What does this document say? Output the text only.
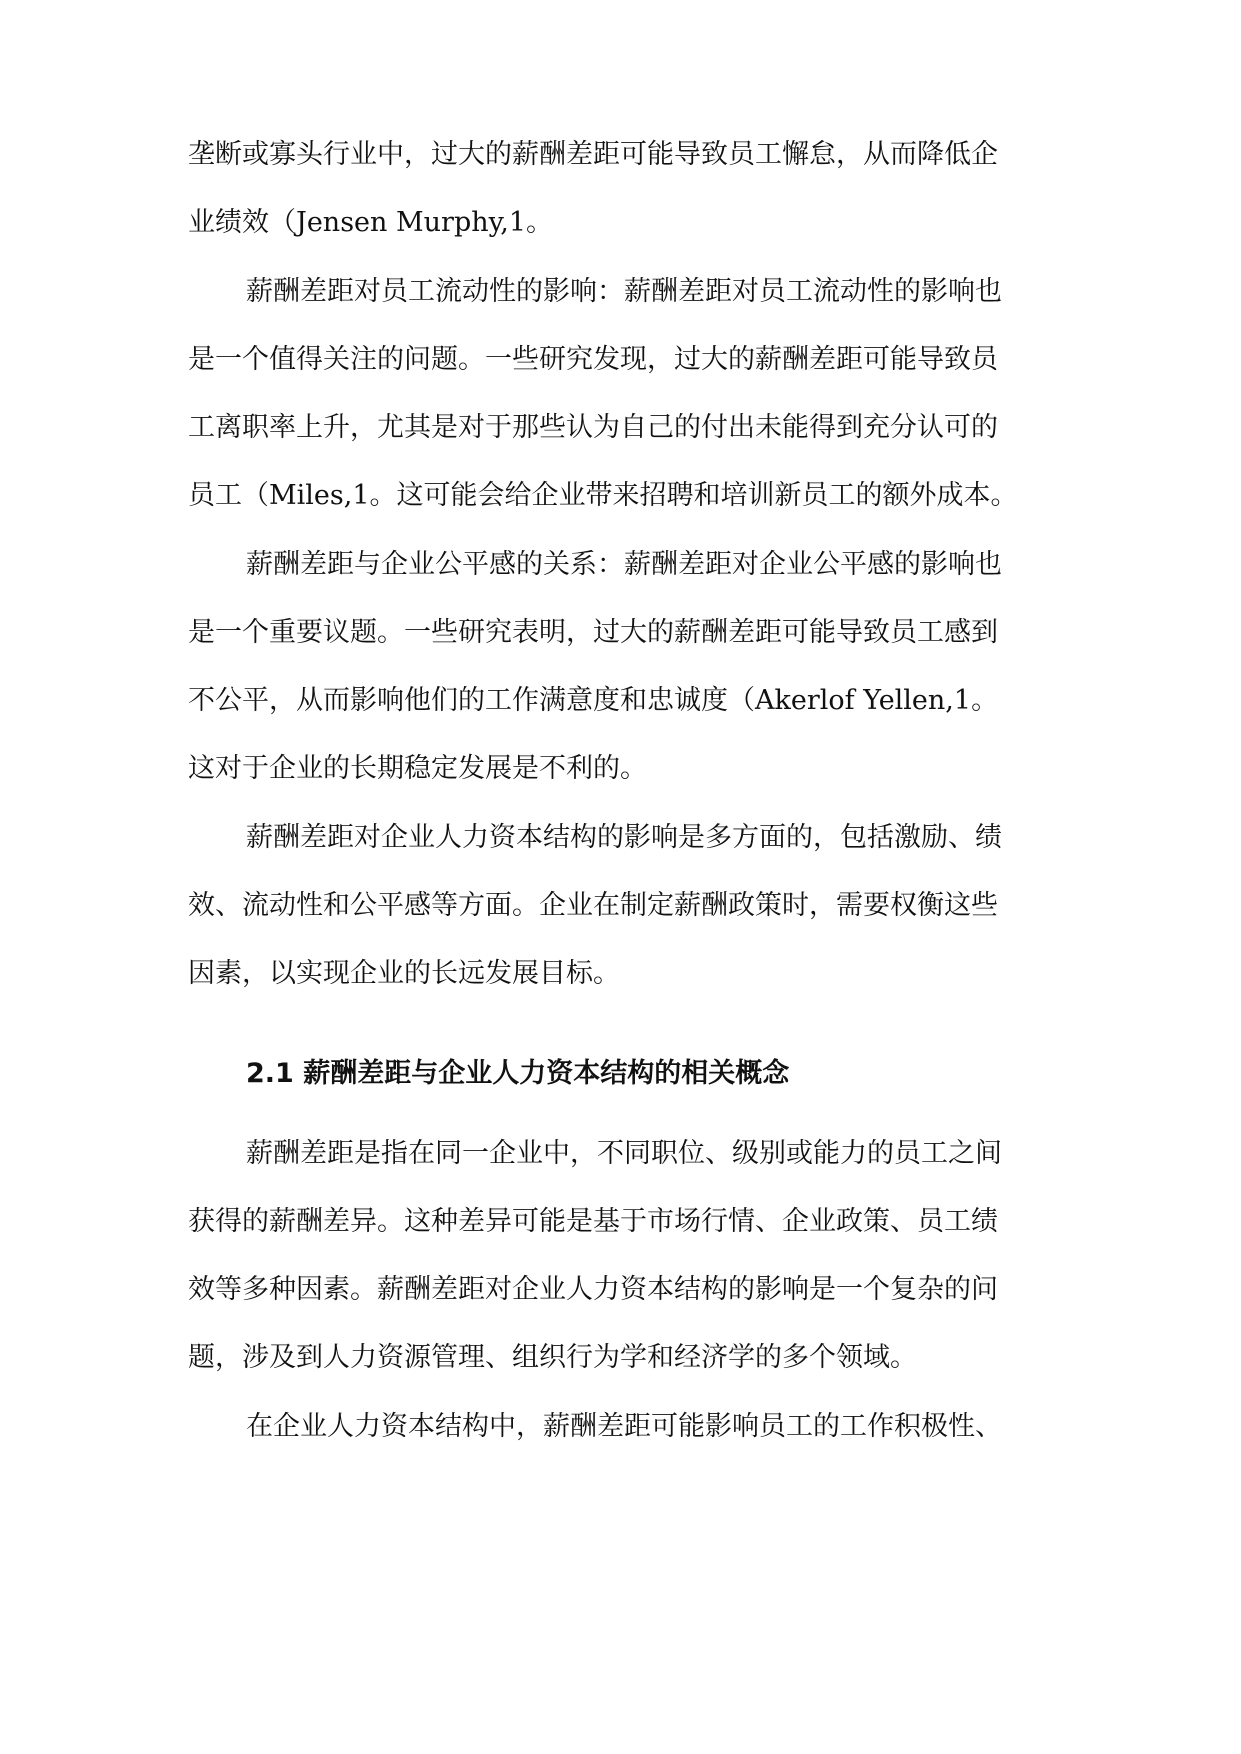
垄断或寡头行业中，过大的薪酬差距可能导致员工懈怠，从而降低企
业绩效（Jensen Murphy,1。
薪酬差距对员工流动性的影响：薪酬差距对员工流动性的影响也
是一个值得关注的问题。一些研究发现，过大的薪酬差距可能导致员
工离职率上升，尤其是对于那些认为自己的付出未能得到充分认可的
员工（Miles,1。这可能会给企业带来招聘和培训新员工的额外成本。
薪酬差距与企业公平感的关系：薪酬差距对企业公平感的影响也
是一个重要议题。一些研究表明，过大的薪酬差距可能导致员工感到
不公平，从而影响他们的工作满意度和忠诚度（Akerlof Yellen,1。
这对于企业的长期稳定发展是不利的。
薪酬差距对企业人力资本结构的影响是多方面的，包括激励、绩
效、流动性和公平感等方面。企业在制定薪酬政策时，需要权衡这些
因素，以实现企业的长远发展目标。
2.1 薪酬差距与企业人力资本结构的相关概念
薪酬差距是指在同一企业中，不同职位、级别或能力的员工之间
获得的薪酬差异。这种差异可能是基于市场行情、企业政策、员工绩
效等多种因素。薪酬差距对企业人力资本结构的影响是一个复杂的问
题，涉及到人力资源管理、组织行为学和经济学的多个领域。
在企业人力资本结构中，薪酬差距可能影响员工的工作积极性、
